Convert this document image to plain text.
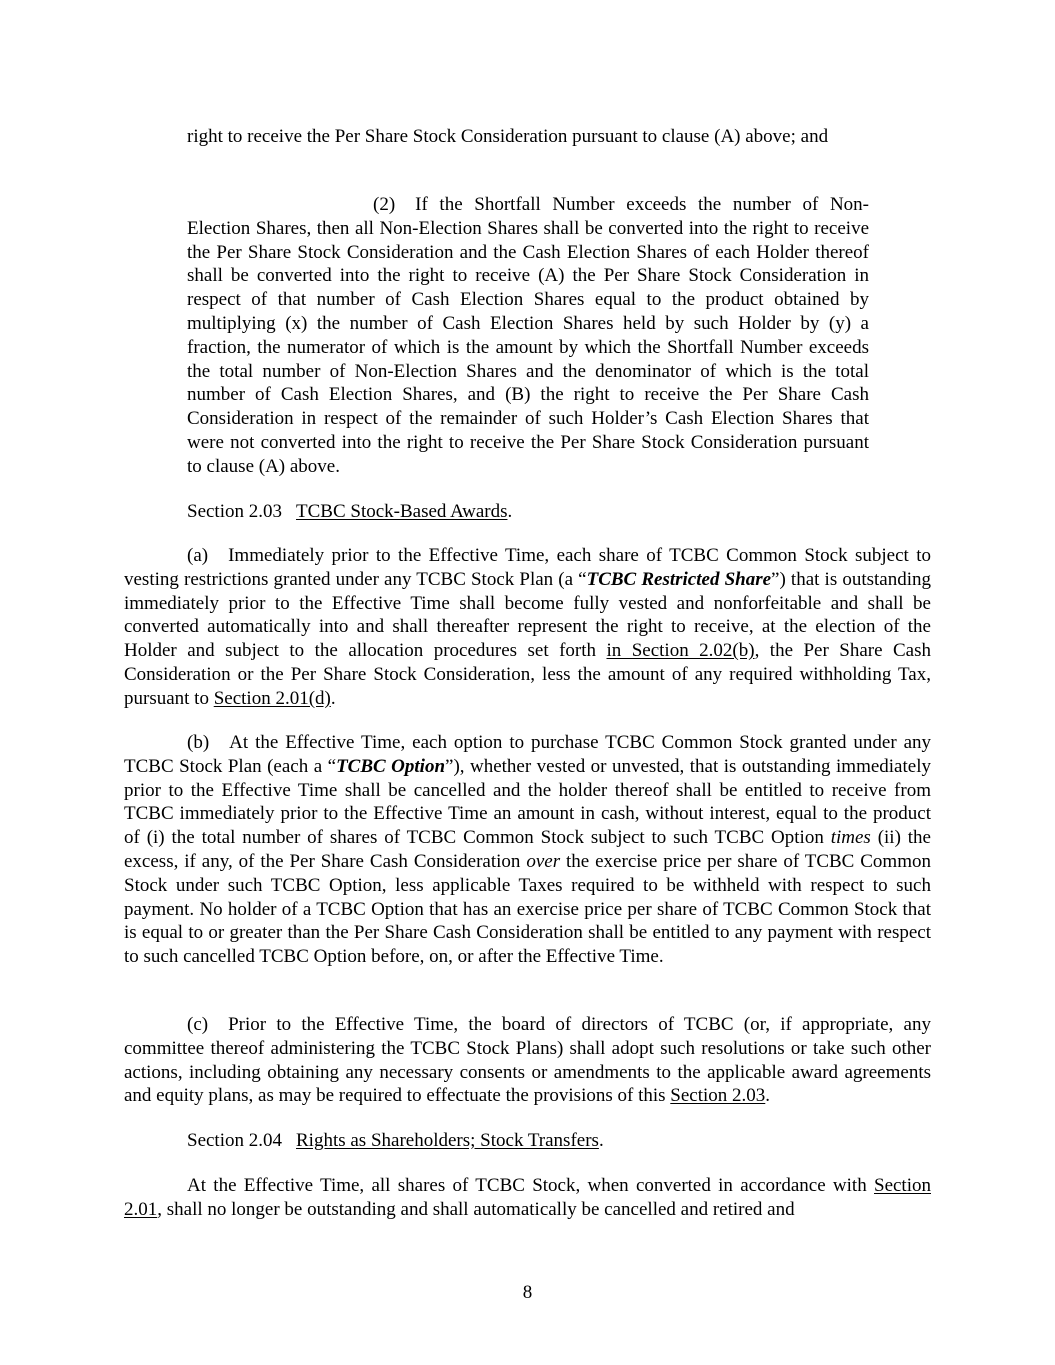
right to receive the Per Share Stock Consideration pursuant to clause (A) above; and

(2) If the Shortfall Number exceeds the number of Non-Election Shares, then all Non-Election Shares shall be converted into the right to receive the Per Share Stock Consideration and the Cash Election Shares of each Holder thereof shall be converted into the right to receive (A) the Per Share Stock Consideration in respect of that number of Cash Election Shares equal to the product obtained by multiplying (x) the number of Cash Election Shares held by such Holder by (y) a fraction, the numerator of which is the amount by which the Shortfall Number exceeds the total number of Non-Election Shares and the denominator of which is the total number of Cash Election Shares, and (B) the right to receive the Per Share Cash Consideration in respect of the remainder of such Holder’s Cash Election Shares that were not converted into the right to receive the Per Share Stock Consideration pursuant to clause (A) above.

Section 2.03 TCBC Stock-Based Awards.

(a) Immediately prior to the Effective Time, each share of TCBC Common Stock subject to vesting restrictions granted under any TCBC Stock Plan (a “TCBC Restricted Share”) that is outstanding immediately prior to the Effective Time shall become fully vested and nonforfeitable and shall be converted automatically into and shall thereafter represent the right to receive, at the election of the Holder and subject to the allocation procedures set forth in Section 2.02(b), the Per Share Cash Consideration or the Per Share Stock Consideration, less the amount of any required withholding Tax, pursuant to Section 2.01(d).

(b) At the Effective Time, each option to purchase TCBC Common Stock granted under any TCBC Stock Plan (each a “TCBC Option”), whether vested or unvested, that is outstanding immediately prior to the Effective Time shall be cancelled and the holder thereof shall be entitled to receive from TCBC immediately prior to the Effective Time an amount in cash, without interest, equal to the product of (i) the total number of shares of TCBC Common Stock subject to such TCBC Option times (ii) the excess, if any, of the Per Share Cash Consideration over the exercise price per share of TCBC Common Stock under such TCBC Option, less applicable Taxes required to be withheld with respect to such payment. No holder of a TCBC Option that has an exercise price per share of TCBC Common Stock that is equal to or greater than the Per Share Cash Consideration shall be entitled to any payment with respect to such cancelled TCBC Option before, on, or after the Effective Time.

(c) Prior to the Effective Time, the board of directors of TCBC (or, if appropriate, any committee thereof administering the TCBC Stock Plans) shall adopt such resolutions or take such other actions, including obtaining any necessary consents or amendments to the applicable award agreements and equity plans, as may be required to effectuate the provisions of this Section 2.03.

Section 2.04 Rights as Shareholders; Stock Transfers.

At the Effective Time, all shares of TCBC Stock, when converted in accordance with Section 2.01, shall no longer be outstanding and shall automatically be cancelled and retired and

8
